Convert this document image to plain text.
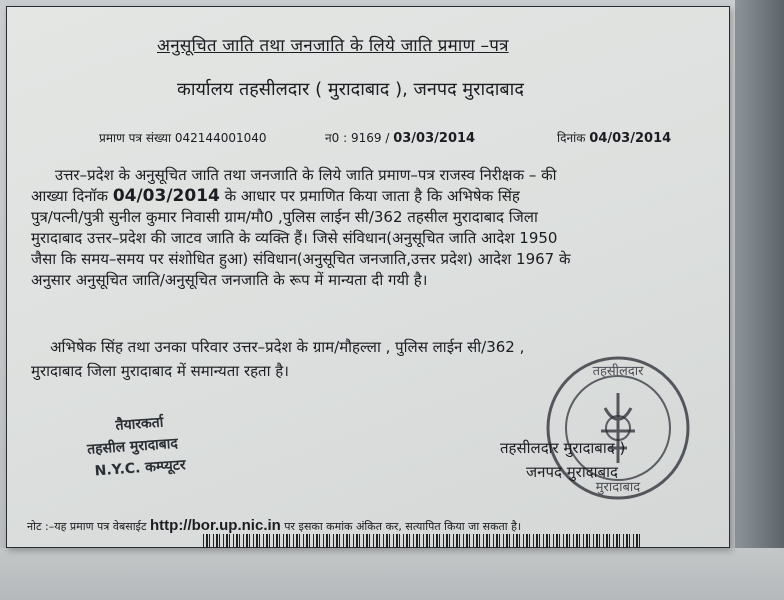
अनुसूचित जाति तथा जनजाति के लिये जाति प्रमाण –पत्र
कार्यालय तहसीलदार ( मुरादाबाद ), जनपद मुरादाबाद
प्रमाण पत्र संख्या 042144001040	न0 : 9169 / 03/03/2014	दिनांक 04/03/2014
उत्तर–प्रदेश के अनुसूचित जाति तथा जनजाति के लिये जाति प्रमाण–पत्र राजस्व निरीक्षक – की
आख्या दिनॉक 04/03/2014 के आधार पर प्रमाणित किया जाता है कि अभिषेक सिंह
पुत्र/पत्नी/पुत्री सुनील कुमार निवासी ग्राम/मौ0 ,पुलिस लाईन सी/362 तहसील मुरादाबाद जिला
मुरादाबाद उत्तर–प्रदेश की जाटव जाति के व्यक्ति हैं। जिसे संविधान(अनुसूचित जाति आदेश 1950
जैसा कि समय–समय पर संशोधित हुआ) संविधान(अनुसूचित जनजाति,उत्तर प्रदेश) आदेश 1967 के
अनुसार अनुसूचित जाति/अनुसूचित जनजाति के रूप में मान्यता दी गयी है।
अभिषेक सिंह तथा उनका परिवार उत्तर–प्रदेश के ग्राम/मौहल्ला , पुलिस लाईन सी/362 ,
मुरादाबाद जिला मुरादाबाद में समान्यता रहता है।
तैयारकर्ता
तहसील मुरादाबाद
N.Y.C. कम्प्यूटर
तहसीलदार
मुरादाबाद
तहसीलदार मुरादाबाद )
जनपद मुरादाबाद
नोट :–यह प्रमाण पत्र वेबसाईट http://bor.up.nic.in पर इसका कमांक अंकित कर, सत्यापित किया जा सकता है।
